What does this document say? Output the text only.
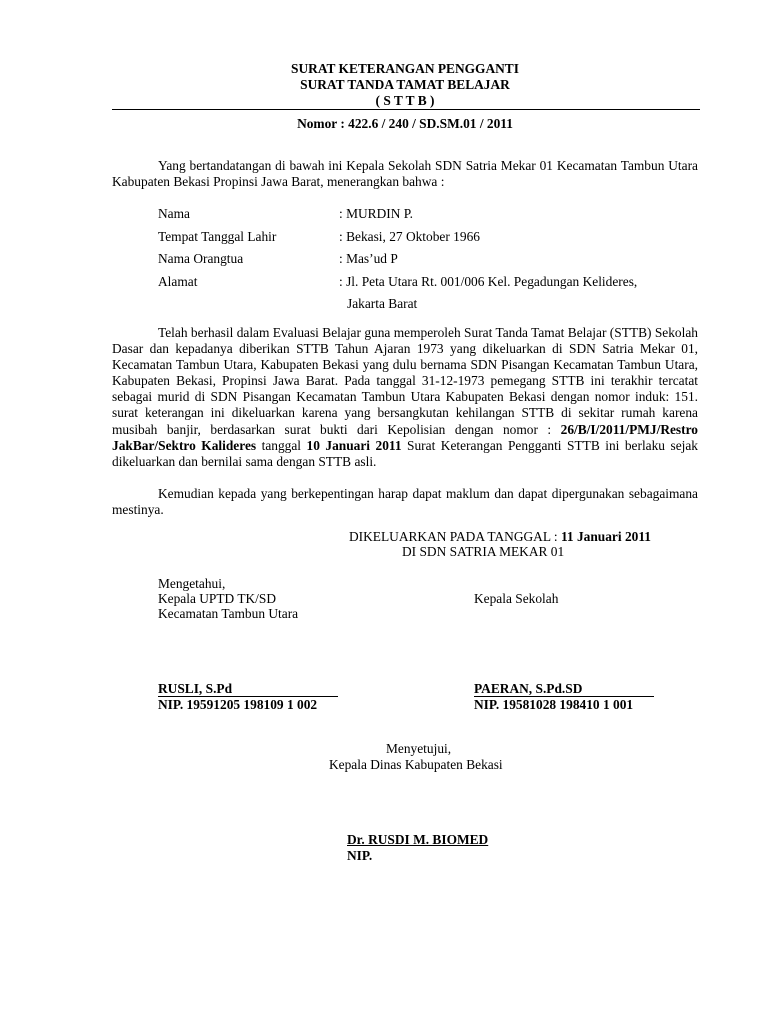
SURAT KETERANGAN PENGGANTI
SURAT TANDA TAMAT BELAJAR
( S T T B )
Nomor : 422.6 / 240 / SD.SM.01 / 2011
Yang bertandatangan di bawah ini Kepala Sekolah SDN Satria Mekar 01 Kecamatan Tambun Utara Kabupaten Bekasi Propinsi Jawa Barat, menerangkan bahwa :
Nama	: MURDIN P.
Tempat Tanggal Lahir	: Bekasi, 27 Oktober 1966
Nama Orangtua	: Mas’ud P
Alamat	: Jl. Peta Utara Rt. 001/006 Kel. Pegadungan Kelideres,
Jakarta Barat
Telah berhasil dalam Evaluasi Belajar guna memperoleh Surat Tanda Tamat Belajar (STTB) Sekolah Dasar dan kepadanya diberikan STTB Tahun Ajaran 1973 yang dikeluarkan di SDN Satria Mekar 01, Kecamatan Tambun Utara, Kabupaten Bekasi yang dulu bernama SDN Pisangan Kecamatan Tambun Utara, Kabupaten Bekasi, Propinsi Jawa Barat. Pada tanggal 31-12-1973 pemegang STTB ini terakhir tercatat sebagai murid di SDN Pisangan Kecamatan Tambun Utara Kabupaten Bekasi dengan nomor induk: 151. surat keterangan ini dikeluarkan karena yang bersangkutan kehilangan STTB di sekitar rumah karena musibah banjir, berdasarkan surat bukti dari Kepolisian dengan nomor : 26/B/I/2011/PMJ/Restro JakBar/Sektro Kalideres tanggal 10 Januari 2011 Surat Keterangan Pengganti STTB ini berlaku sejak dikeluarkan dan bernilai sama dengan STTB asli.
Kemudian kepada yang berkepentingan harap dapat maklum dan dapat dipergunakan sebagaimana mestinya.
DIKELUARKAN PADA TANGGAL : 11 Januari 2011
DI SDN SATRIA MEKAR 01
Mengetahui,
Kepala UPTD TK/SD
Kecamatan Tambun Utara
RUSLI, S.Pd
NIP. 19591205 198109 1 002
Kepala Sekolah
PAERAN, S.Pd.SD
NIP. 19581028 198410 1 001
Menyetujui,
Kepala Dinas Kabupaten Bekasi
Dr. RUSDI M. BIOMED
NIP.
